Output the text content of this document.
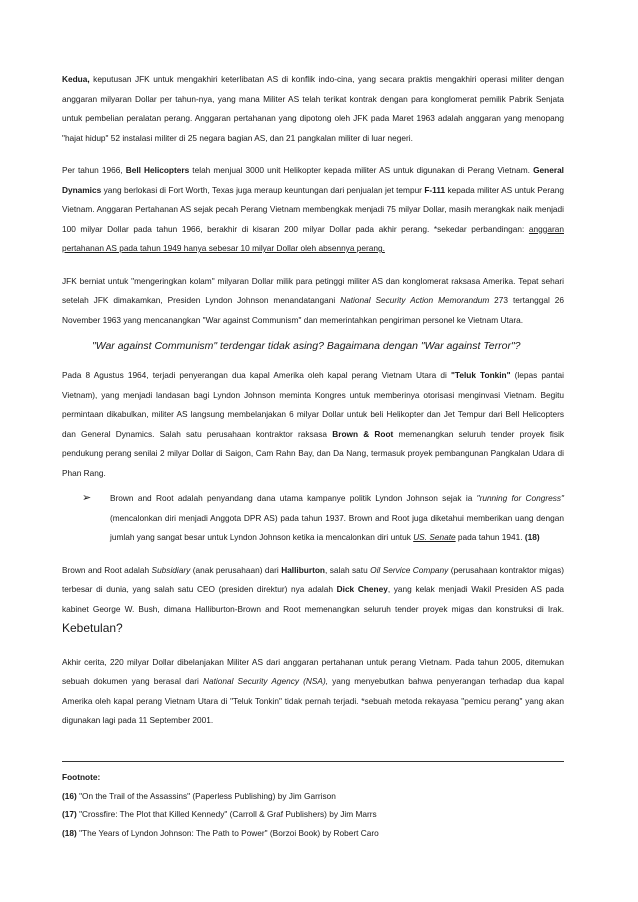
Kedua, keputusan JFK untuk mengakhiri keterlibatan AS di konflik indo-cina, yang secara praktis mengakhiri operasi militer dengan anggaran milyaran Dollar per tahun-nya, yang mana Militer AS telah terikat kontrak dengan para konglomerat pemilik Pabrik Senjata untuk pembelian peralatan perang. Anggaran pertahanan yang dipotong oleh JFK pada Maret 1963 adalah anggaran yang menopang "hajat hidup" 52 instalasi militer di 25 negara bagian AS, dan 21 pangkalan militer di luar negeri.

Per tahun 1966, Bell Helicopters telah menjual 3000 unit Helikopter kepada militer AS untuk digunakan di Perang Vietnam. General Dynamics yang berlokasi di Fort Worth, Texas juga meraup keuntungan dari penjualan jet tempur F-111 kepada militer AS untuk Perang Vietnam. Anggaran Pertahanan AS sejak pecah Perang Vietnam membengkak menjadi 75 milyar Dollar, masih merangkak naik menjadi 100 milyar Dollar pada tahun 1966, berakhir di kisaran 200 milyar Dollar pada akhir perang. *sekedar perbandingan: anggaran pertahanan AS pada tahun 1949 hanya sebesar 10 milyar Dollar oleh absennya perang.

JFK berniat untuk "mengeringkan kolam" milyaran Dollar milik para petinggi militer AS dan konglomerat raksasa Amerika. Tepat sehari setelah JFK dimakamkan, Presiden Lyndon Johnson menandatangani National Security Action Memorandum 273 tertanggal 26 November 1963 yang mencanangkan "War against Communism" dan memerintahkan pengiriman personel ke Vietnam Utara.

"War against Communism" terdengar tidak asing? Bagaimana dengan "War against Terror"?

Pada 8 Agustus 1964, terjadi penyerangan dua kapal Amerika oleh kapal perang Vietnam Utara di "Teluk Tonkin" (lepas pantai Vietnam), yang menjadi landasan bagi Lyndon Johnson meminta Kongres untuk memberinya otorisasi menginvasi Vietnam. Begitu permintaan dikabulkan, militer AS langsung membelanjakan 6 milyar Dollar untuk beli Helikopter dan Jet Tempur dari Bell Helicopters dan General Dynamics. Salah satu perusahaan kontraktor raksasa Brown & Root memenangkan seluruh tender proyek fisik pendukung perang senilai 2 milyar Dollar di Saigon, Cam Rahn Bay, dan Da Nang, termasuk proyek pembangunan Pangkalan Udara di Phan Rang.

➢ Brown and Root adalah penyandang dana utama kampanye politik Lyndon Johnson sejak ia "running for Congress" (mencalonkan diri menjadi Anggota DPR AS) pada tahun 1937. Brown and Root juga diketahui memberikan uang dengan jumlah yang sangat besar untuk Lyndon Johnson ketika ia mencalonkan diri untuk US. Senate pada tahun 1941. (18)

Brown and Root adalah Subsidiary (anak perusahaan) dari Halliburton, salah satu Oil Service Company (perusahaan kontraktor migas) terbesar di dunia, yang salah satu CEO (presiden direktur) nya adalah Dick Cheney, yang kelak menjadi Wakil Presiden AS pada kabinet George W. Bush, dimana Halliburton-Brown and Root memenangkan seluruh tender proyek migas dan konstruksi di Irak. Kebetulan?

Akhir cerita, 220 milyar Dollar dibelanjakan Militer AS dari anggaran pertahanan untuk perang Vietnam. Pada tahun 2005, ditemukan sebuah dokumen yang berasal dari National Security Agency (NSA), yang menyebutkan bahwa penyerangan terhadap dua kapal Amerika oleh kapal perang Vietnam Utara di "Teluk Tonkin" tidak pernah terjadi. *sebuah metoda rekayasa "pemicu perang" yang akan digunakan lagi pada 11 September 2001.

Footnote:

(16) "On the Trail of the Assassins" (Paperless Publishing) by Jim Garrison

(17) "Crossfire: The Plot that Killed Kennedy" (Carroll & Graf Publishers) by Jim Marrs

(18) "The Years of Lyndon Johnson: The Path to Power" (Borzoi Book) by Robert Caro
